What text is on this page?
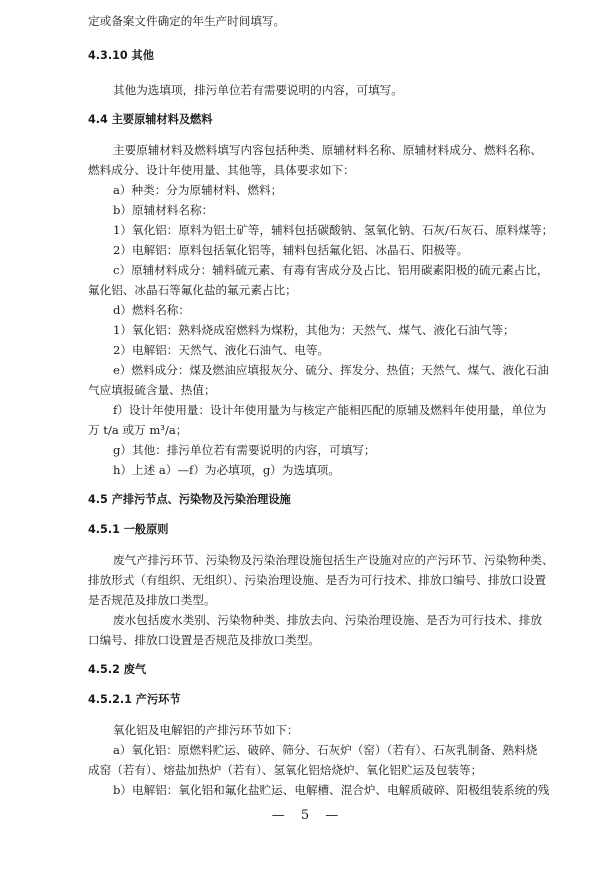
定或备案文件确定的年生产时间填写。
4.3.10 其他
其他为选填项，排污单位若有需要说明的内容，可填写。
4.4 主要原辅材料及燃料
主要原辅材料及燃料填写内容包括种类、原辅材料名称、原辅材料成分、燃料名称、
燃料成分、设计年使用量、其他等，具体要求如下：
a）种类：分为原辅材料、燃料；
b）原辅材料名称：
1）氧化铝：原料为铝土矿等，辅料包括碳酸钠、氢氧化钠、石灰/石灰石、原料煤等；
2）电解铝：原料包括氧化铝等，辅料包括氟化铝、冰晶石、阳极等。
c）原辅材料成分：辅料硫元素、有毒有害成分及占比、铝用碳素阳极的硫元素占比，
氟化铝、冰晶石等氟化盐的氟元素占比；
d）燃料名称：
1）氧化铝：熟料烧成窑燃料为煤粉，其他为：天然气、煤气、液化石油气等；
2）电解铝：天然气、液化石油气、电等。
e）燃料成分：煤及燃油应填报灰分、硫分、挥发分、热值；天然气、煤气、液化石油
气应填报硫含量、热值；
f）设计年使用量：设计年使用量为与核定产能相匹配的原辅及燃料年使用量，单位为
万 t/a 或万 m³/a；
g）其他：排污单位若有需要说明的内容，可填写；
h）上述 a）—f）为必填项，g）为选填项。
4.5 产排污节点、污染物及污染治理设施
4.5.1 一般原则
废气产排污环节、污染物及污染治理设施包括生产设施对应的产污环节、污染物种类、
排放形式（有组织、无组织）、污染治理设施、是否为可行技术、排放口编号、排放口设置
是否规范及排放口类型。
废水包括废水类别、污染物种类、排放去向、污染治理设施、是否为可行技术、排放
口编号、排放口设置是否规范及排放口类型。
4.5.2 废气
4.5.2.1 产污环节
氧化铝及电解铝的产排污环节如下：
a）氧化铝：原燃料贮运、破碎、筛分、石灰炉（窑）（若有）、石灰乳制备、熟料烧
成窑（若有）、熔盐加热炉（若有）、氢氧化铝焙烧炉、氧化铝贮运及包装等；
b）电解铝：氧化铝和氟化盐贮运、电解槽、混合炉、电解质破碎、阳极组装系统的残
— 5 —
